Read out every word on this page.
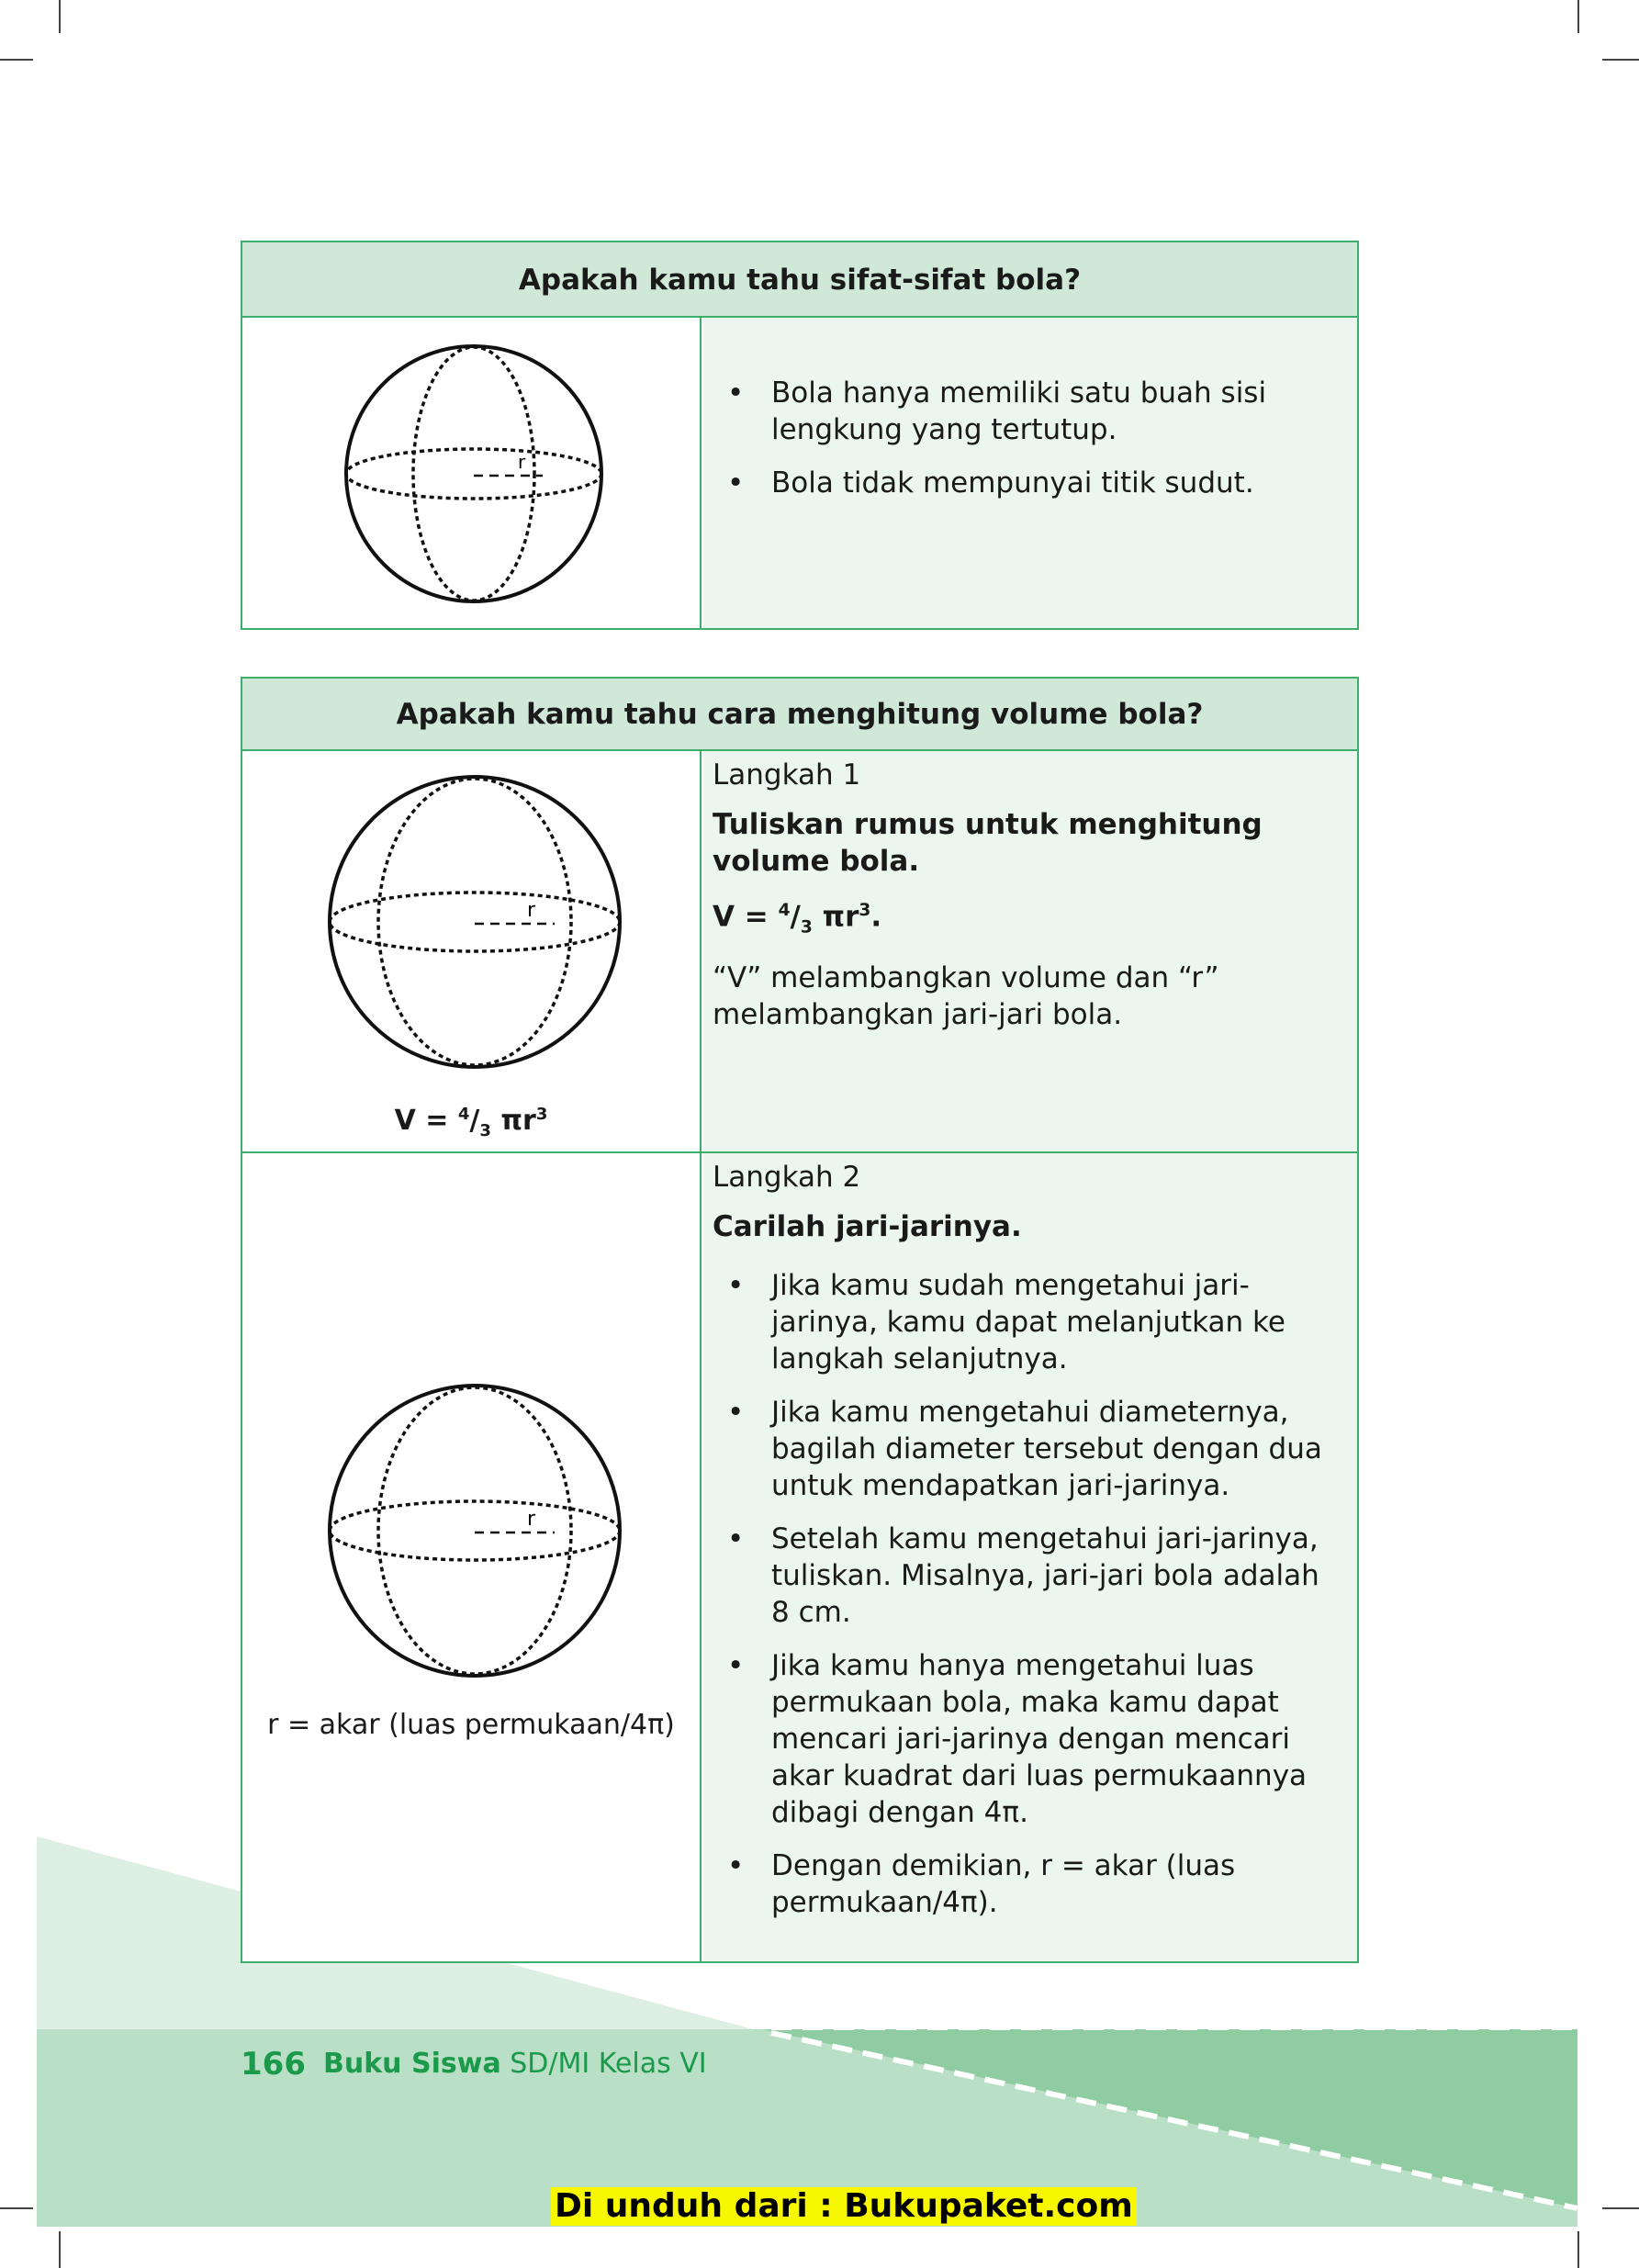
Apakah kamu tahu sifat-sifat bola?
r
• Bola hanya memiliki satu buah sisi lengkung yang tertutup.
• Bola tidak mempunyai titik sudut.
Apakah kamu tahu cara menghitung volume bola?
r
$V = ^4/_3$ $\pi r^3$

Langkah 1

Tuliskan rumus untuk menghitung volume bola.

$V = ^4/_3$ $\pi r^3$.

“V” melambangkan volume dan “r” melambangkan jari-jari bola.

r
r = akar (luas permukaan/4π)

Langkah 2

Carilah jari-jarinya.

• Jika kamu sudah mengetahui jari-jarinya, kamu dapat melanjutkan ke langkah selanjutnya.
• Jika kamu mengetahui diameternya, bagilah diameter tersebut dengan dua untuk mendapatkan jari-jarinya.
• Setelah kamu mengetahui jari-jarinya, tuliskan. Misalnya, jari-jari bola adalah 8 cm.
• Jika kamu hanya mengetahui luas permukaan bola, maka kamu dapat mencari jari-jarinya dengan mencari akar kuadrat dari luas permukaannya dibagi dengan 4π.
• Dengan demikian, r = akar (luas permukaan/4π).
166 Buku Siswa SD/MI Kelas VI
Di unduh dari : Bukupaket.com
